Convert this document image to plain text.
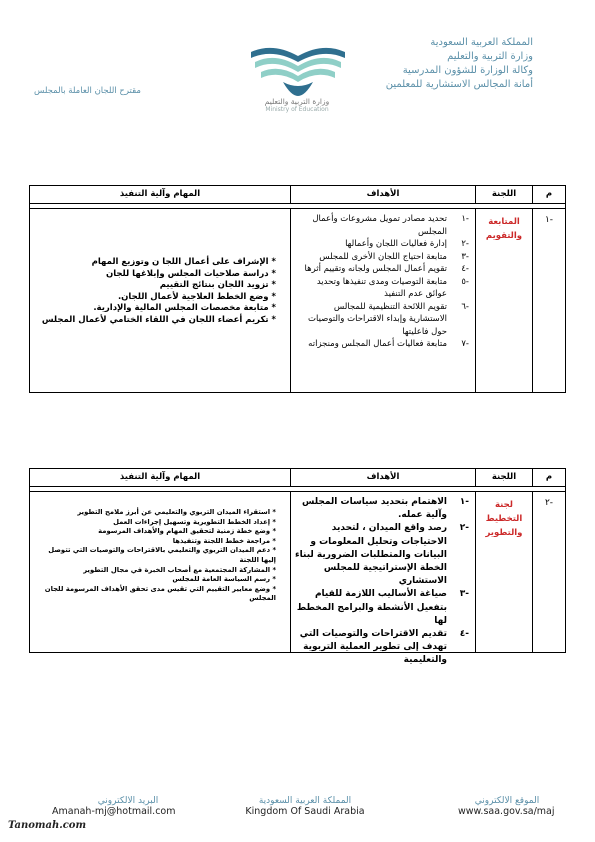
المملكة العربية السعودية
وزارة التربية والتعليم
وكالة الوزارة للشؤون المدرسية
أمانة المجالس الاستشارية للمعلمين
وزارة التربية والتعليم
Ministry of Education
مقترح اللجان العاملة بالمجلس
م
اللجنة
الأهداف
المهام وآلية التنفيذ
-١
المتابعة والتقويم
-١
تحديد مصادر تمويل مشروعات وأعمال المجلس
-٢
إدارة فعاليات اللجان وأعمالها
-٣
متابعة احتياج اللجان الأخرى للمجلس
-٤
تقويم أعمال المجلس ولجانه وتقييم أثرها
-٥
متابعة التوصيات ومدى تنفيذها وتحديد عوائق عدم التنفيذ
-٦
تقويم اللائحة التنظيمية للمجالس الاستشارية وإبداء الاقتراحات والتوصيات حول فاعليتها
-٧
متابعة فعاليات أعمال المجلس ومنجزاته
* الإشراف على أعمال اللجا ن وتوزيع المهام
* دراسة صلاحيات المجلس وإبلاغها للجان
* تزويد اللجان بنتائج التقييم
* وضع الخطط العلاجية لأعمال اللجان.
* متابعة مخصصات المجلس المالية والإدارية.
* تكريم أعضاء اللجان في اللقاء الختامي لأعمال المجلس
م
اللجنة
الأهداف
المهام وآلية التنفيذ
-٢
لجنة التخطيط والتطوير
-١
الاهتمام بتحديد سياسات المجلس وآلية عمله.
-٢
رصد واقع الميدان ، لتحديد الاحتياجات وتحليل المعلومات و البيانات والمتطلبات الضرورية لبناء الخطة الإستراتيجية للمجلس الاستشاري
-٣
صياغة الأساليب اللازمة للقيام بتفعيل الأنشطة والبرامج المخطط لها
-٤
تقديم الاقتراحات والتوصيات التي تهدف إلى تطوير العملية التربوية والتعليمية
* استقراء الميدان التربوي والتعليمي عن أبرز ملامح التطوير
* إعداد الخطط التطويرية وتسهيل إجراءات العمل
* وضع خطة زمنية لتحقيق المهام والأهداف المرسومة
* مراجعة خطط اللجنة وتنفيذها
* دعم الميدان التربوي والتعليمي بالاقتراحات والتوصيات التي تتوصل إليها اللجنة
* المشاركة المجتمعية مع أصحاب الخبرة في مجال التطوير
* رسم السياسة العامة للمجلس
* وضع معايير التقييم التي تقيس مدى تحقق الأهداف المرسومة للجان المجلس
البريد الالكتروني
Amanah-mj@hotmail.com
المملكة العربية السعودية
Kingdom Of Saudi Arabia
الموقع الالكتروني
www.saa.gov.sa/maj
Tanomah.com
